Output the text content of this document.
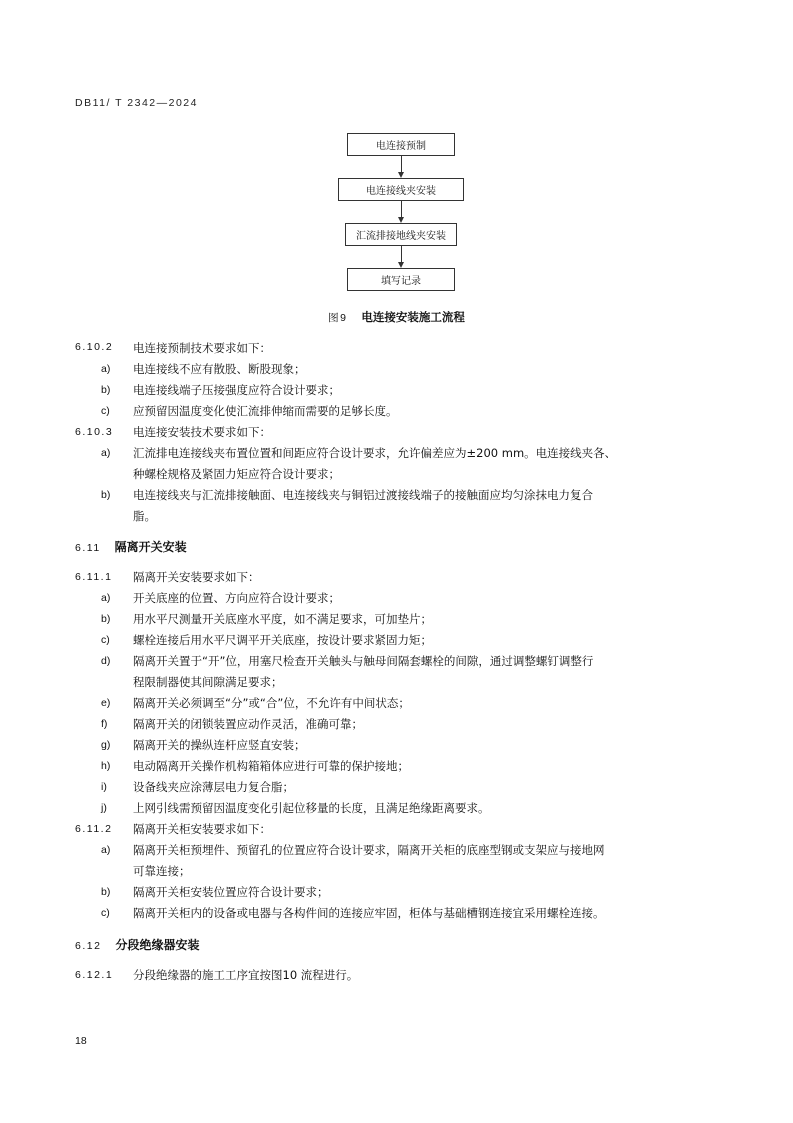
DB11/ T 2342—2024
电连接预制
电连接线夹安装
汇流排接地线夹安装
填写记录
图9 电连接安装施工流程
6.10.2 电连接预制技术要求如下：
a) 电连接线不应有散股、断股现象；
b) 电连接线端子压接强度应符合设计要求；
c) 应预留因温度变化使汇流排伸缩而需要的足够长度。
6.10.3 电连接安装技术要求如下：
a) 汇流排电连接线夹布置位置和间距应符合设计要求，允许偏差应为±200 mm。电连接线夹各、
种螺栓规格及紧固力矩应符合设计要求；
b) 电连接线夹与汇流排接触面、电连接线夹与铜铝过渡接线端子的接触面应均匀涂抹电力复合
脂。
6.11 隔离开关安装
6.11.1 隔离开关安装要求如下：
a) 开关底座的位置、方向应符合设计要求；
b) 用水平尺测量开关底座水平度，如不满足要求，可加垫片；
c) 螺栓连接后用水平尺调平开关底座，按设计要求紧固力矩；
d) 隔离开关置于“开”位，用塞尺检查开关触头与触母间隔套螺栓的间隙，通过调整螺钉调整行
程限制器使其间隙满足要求；
e) 隔离开关必须调至“分”或“合”位，不允许有中间状态；
f) 隔离开关的闭锁装置应动作灵活，准确可靠；
g) 隔离开关的操纵连杆应竖直安装；
h) 电动隔离开关操作机构箱箱体应进行可靠的保护接地；
i) 设备线夹应涂薄层电力复合脂；
j) 上网引线需预留因温度变化引起位移量的长度，且满足绝缘距离要求。
6.11.2 隔离开关柜安装要求如下：
a) 隔离开关柜预埋件、预留孔的位置应符合设计要求，隔离开关柜的底座型钢或支架应与接地网
可靠连接；
b) 隔离开关柜安装位置应符合设计要求；
c) 隔离开关柜内的设备或电器与各构件间的连接应牢固，柜体与基础槽钢连接宜采用螺栓连接。
6.12 分段绝缘器安装
6.12.1 分段绝缘器的施工工序宜按图10 流程进行。
18
